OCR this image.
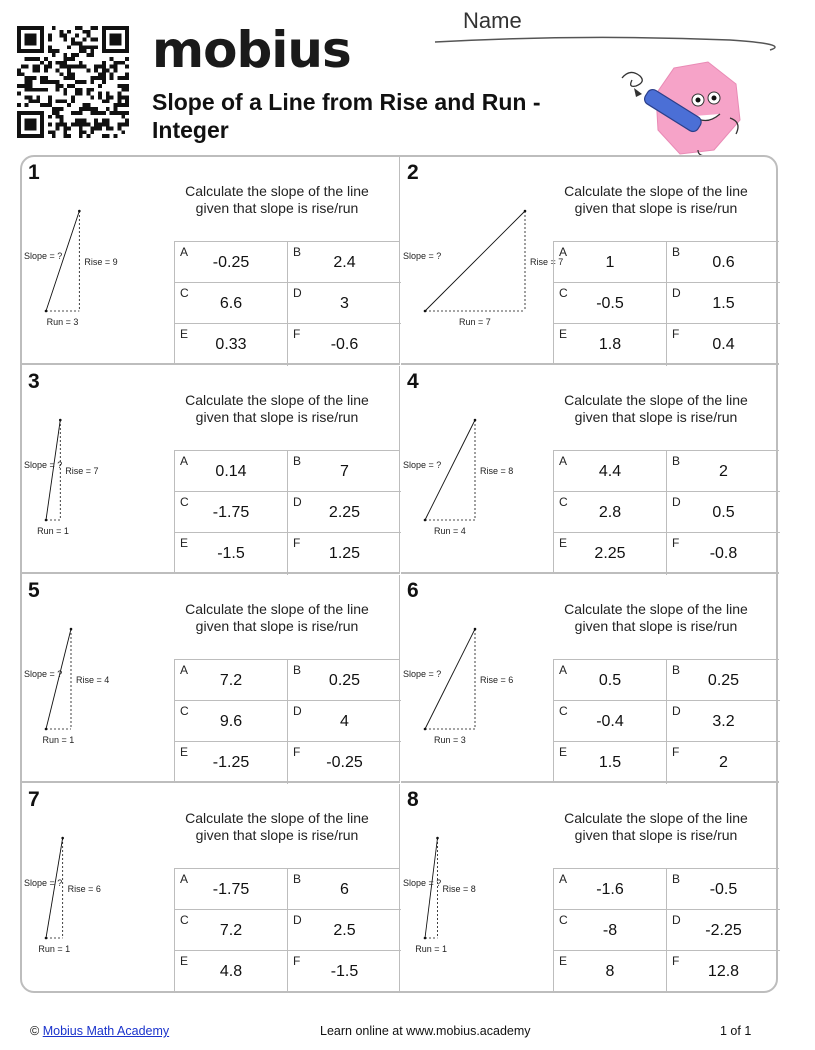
mobius
Slope of a Line from Rise and Run - Integer
Name
1
Calculate the slope of the line given that slope is rise/run
Slope = ?
Rise = 9
Run = 3
A
-0.25
B
2.4
C
6.6
D
3
E
0.33
F
-0.6
2
Calculate the slope of the line given that slope is rise/run
Slope = ?
Rise = 7
Run = 7
A
1
B
0.6
C
-0.5
D
1.5
E
1.8
F
0.4
3
Calculate the slope of the line given that slope is rise/run
Slope = ?
Rise = 7
Run = 1
A
0.14
B
7
C
-1.75
D
2.25
E
-1.5
F
1.25
4
Calculate the slope of the line given that slope is rise/run
Slope = ?
Rise = 8
Run = 4
A
4.4
B
2
C
2.8
D
0.5
E
2.25
F
-0.8
5
Calculate the slope of the line given that slope is rise/run
Slope = ?
Rise = 4
Run = 1
A
7.2
B
0.25
C
9.6
D
4
E
-1.25
F
-0.25
6
Calculate the slope of the line given that slope is rise/run
Slope = ?
Rise = 6
Run = 3
A
0.5
B
0.25
C
-0.4
D
3.2
E
1.5
F
2
7
Calculate the slope of the line given that slope is rise/run
Slope = ?
Rise = 6
Run = 1
A
-1.75
B
6
C
7.2
D
2.5
E
4.8
F
-1.5
8
Calculate the slope of the line given that slope is rise/run
Slope = ?
Rise = 8
Run = 1
A
-1.6
B
-0.5
C
-8
D
-2.25
E
8
F
12.8
© Mobius Math Academy	Learn online at www.mobius.academy	1 of 1
